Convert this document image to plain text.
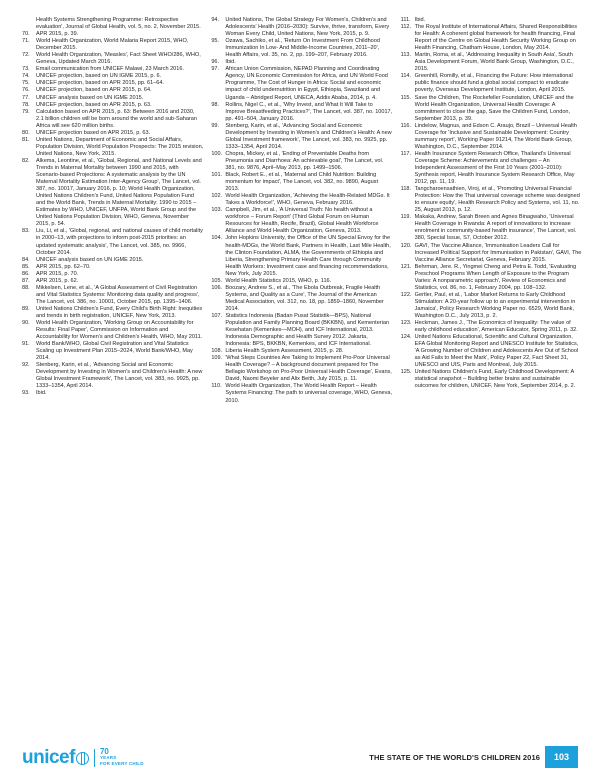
Health Systems Strengthening Programme: Retrospective evaluation', Journal of Global Health, vol. 5, no. 2, November 2015.
70.	APR 2015, p. 39.
71.	World Health Organization, World Malaria Report 2015, WHO, December 2015.
72.	World Health Organization, 'Measles', Fact Sheet WHO/286, WHO, Geneva, Updated March 2016.
73.	Email communication from UNICEF Malawi, 23 March 2016.
74.	UNICEF projection, based on UN IGME 2015, p. 6.
75.	UNICEF projection, based on APR 2015, pp. 61–64.
76.	UNICEF projection, based on APR 2015, p. 64.
77.	UNICEF analysis based on UN IGME 2015.
78.	UNICEF projection, based on APR 2015, p. 63.
79.	Calculation based on APR 2015, p. 63: Between 2016 and 2030, 2.1 billion children will be born around the world and sub-Saharan Africa will see 620 million births.
80.	UNICEF projection based on APR 2015, p. 63.
81.	United Nations, Department of Economic and Social Affairs, Population Division, World Population Prospects: The 2015 revision, United Nations, New York, 2015.
82.	Alkema, Leontine, et al., 'Global, Regional, and National Levels and Trends in Maternal Mortality between 1990 and 2015, with Scenario-based Projections: A systematic analysis by the UN Maternal Mortality Estimation Inter-Agency Group', The Lancet, vol. 387, no. 10017, January 2016, p. 10; World Health Organization, United Nations Children's Fund, United Nations Population Fund and the World Bank, Trends in Maternal Mortality: 1990 to 2015 – Estimates by WHO, UNICEF, UNFPA, World Bank Group and the United Nations Population Division, WHO, Geneva, November 2015, p. 54.
83.	Liu, Li, et al., 'Global, regional, and national causes of child mortality in 2000–13, with projections to inform post-2015 priorities: an updated systematic analysis', The Lancet, vol. 385, no. 9966, October 2014.
84.	UNICEF analysis based on UN IGME 2015.
85.	APR 2015, pp. 62–70.
86.	APR 2015, p. 70.
87.	APR 2015, p. 62.
88.	Mikkelsen, Lene, et al., 'A Global Assessment of Civil Registration and Vital Statistics Systems: Monitoring data quality and progress', The Lancet, vol. 386, no. 10001, October 2015, pp. 1395–1406.
89.	United Nations Children's Fund, Every Child's Birth Right: Inequities and trends in birth registration, UNICEF, New York, 2013.
90.	World Health Organization, 'Working Group on Accountability for Results: Final Paper', Commission on Information and Accountability for Women's and Children's Health, WHO, May 2011.
91.	World Bank/WHO, Global Civil Registration and Vital Statistics Scaling up Investment Plan 2015–2024, World Bank/WHO, May 2014.
92.	Stenberg, Karin, et al., 'Advancing Social and Economic Development by Investing in Women's and Children's Health: A new Global Investment Framework', The Lancet, vol. 383, no. 9925, pp. 1333–1354, April 2014.
93.	Ibid.
94.	United Nations, The Global Strategy For Women's, Children's and Adolescents' Health (2016–2030): Survive, thrive, transform, Every Woman Every Child, United Nations, New York, 2015, p. 9.
95.	Ozawa, Sachiko, et al., 'Return On Investment From Childhood Immunization In Low- And Middle-Income Countries, 2011–20', Health Affairs, vol. 35, no. 2, pp. 199–207, February 2016.
96.	Ibid.
97.	African Union Commission, NEPAD Planning and Coordinating Agency, UN Economic Commission for Africa, and UN World Food Programme, The Cost of Hunger in Africa: Social and economic impact of child undernutrition in Egypt, Ethiopia, Swaziland and Uganda – Abridged Report, UNECA, Addis Ababa, 2014, p. 4.
98.	Rollins, Nigel C., et al., 'Why Invest, and What It Will Take to Improve Breastfeeding Practices?', The Lancet, vol. 387, no. 10017, pp. 491–504, January 2016.
99.	Stenberg, Karin, et al., 'Advancing Social and Economic Development by Investing in Women's and Children's Health: A new Global Investment framework', The Lancet, vol. 383, no. 9925, pp. 1333–1354, April 2014.
100. Chopra, Mickey, et al., 'Ending of Preventable Deaths from Pneumonia and Diarrhoea: An achievable goal', The Lancet, vol. 381, no. 9876, April–May 2013, pp. 1499–1506.
101. Black, Robert E., et al., 'Maternal and Child Nutrition: Building momentum for impact', The Lancet, vol. 382, no. 9890, August 2013.
102. World Health Organization, 'Achieving the Health-Related MDGs. It Takes a Workforce!', WHO, Geneva, February 2016.
103. Campbell, Jim, et al., 'A Universal Truth: No health without a workforce – Forum Report' (Third Global Forum on Human Resources for Health, Recife, Brazil), Global Health Workforce Alliance and World Health Organization, Geneva, 2013.
104. John Hopkins University, the Office of the UN Special Envoy for the health-MDGs, the World Bank, Partners in Health, Last Mile Health, the Clinton Foundation, ALMA, the Governments of Ethiopia and Liberia, Strengthening Primary Health Care through Community Health Workers: Investment case and financing recommendations, New York, July 2015.
105. World Health Statistics 2015, WHO, p. 116.
106. Boozary, Andrew S., et al., 'The Ebola Outbreak, Fragile Health Systems, and Quality as a Cure', The Journal of the American Medical Association, vol. 312, no. 18, pp. 1859–1860, November 2014.
107. Statistics Indonesia (Badan Pusat Statistik—BPS), National Population and Family Planning Board (BKKBN), and Kementerian Kesehatan (Kemenkes—MOH), and ICF International, 2013. Indonesia Demographic and Health Survey 2012. Jakarta, Indonesia: BPS, BKKBN, Kemenkes, and ICF International.
108. Liberia Health System Assessment, 2015, p. 28.
109. 'What Steps Countries Are Taking to Implement Pro-Poor Universal Health Coverage? – A background document prepared for The Bellagio Workshop on Pro-Poor Universal Health Coverage', Evans, David, Naomi Beyeler and Alix Beith, July 2015, p. 11.
110. World Health Organization, The World Health Report – Health Systems Financing: The path to universal coverage, WHO, Geneva, 2010.
111. Ibid.
112. The Royal Institute of International Affairs, Shared Responsibilities for Health: A coherent global framework for health financing, Final Report of the Centre on Global Health Security Working Group on Health Financing, Chatham House, London, May 2014.
113. Martin, Roma, et al., 'Addressing Inequality in South Asia', South Asia Development Forum, World Bank Group, Washington, D.C., 2015.
114. Greenhill, Romilly, et al., Financing the Future: How international public finance should fund a global social compact to eradicate poverty, Overseas Development Institute, London, April 2015.
115. Save the Children, The Rockefeller Foundation, UNICEF and the World Health Organization, Universal Health Coverage: A commitment to close the gap, Save the Children Fund, London, September 2013, p. 39.
116. Lindelow, Magnus, and Edson C. Araujo, Brazil – Universal Health Coverage for 'Inclusive and Sustainable Development: Country summary report', Working Paper 91214, The World Bank Group, Washington, D.C., September 2014.
117. Health Insurance System Research Office, Thailand's Universal Coverage Scheme: Achievements and challenges – An Independent Assessment of the First 10 Years (2001–2010): Synthesis report, Health Insurance System Research Office, May 2012, pp. 11, 19.
118. Tangcharoensathien, Viroj, et al., 'Promoting Universal Financial Protection: How the Thai universal coverage scheme was designed to ensure equity', Health Research Policy and Systems, vol. 11, no. 25, August 2013, p. 12.
119. Makaka, Andrew, Sarah Breen and Agnes Binagwaho, 'Universal Health Coverage in Rwanda: A report of innovations to increase enrolment in community-based health insurance', The Lancet, vol. 380, Special Issue, S7, October 2012.
120. GAVI, The Vaccine Alliance, 'Immunisation Leaders Call for Increased Political Support for Immunisation in Pakistan', GAVI, The Vaccine Alliance Secretariat, Geneva, February 2015.
121. Behrman, Jere. R., Yingmei Cheng and Petra E. Todd, 'Evaluating Preschool Programs When Length of Exposure to the Program Varies: A nonparametric approach', Review of Economics and Statistics, vol. 86, no. 1, February 2004, pp. 108–132.
122. Gertler, Paul, et al., 'Labor Market Returns to Early Childhood Stimulation: A 20-year follow up to an experimental intervention in Jamaica', Policy Research Working Paper no. 6529, World Bank, Washington D.C., July 2013, p. 2.
123. Heckman, James J., 'The Economics of Inequality: The value of early childhood education', American Educator, Spring 2011, p. 32.
124. United Nations Educational, Scientific and Cultural Organization, EFA Global Monitoring Report and UNESCO Institute for Statistics, 'A Growing Number of Children and Adolescents Are Out of School as Aid Fails to Meet the Mark', Policy Paper 22, Fact Sheet 31, UNESCO and UIS, Paris and Montreal, July 2015.
125. United Nations Children's Fund, Early Childhood Development: A statistical snapshot – Building better brains and sustainable outcomes for children, UNICEF, New York, September 2014, p. 2.
unicef	70
YEARS
FOR EVERY CHILD
THE STATE OF THE WORLD'S CHILDREN 2016	103
